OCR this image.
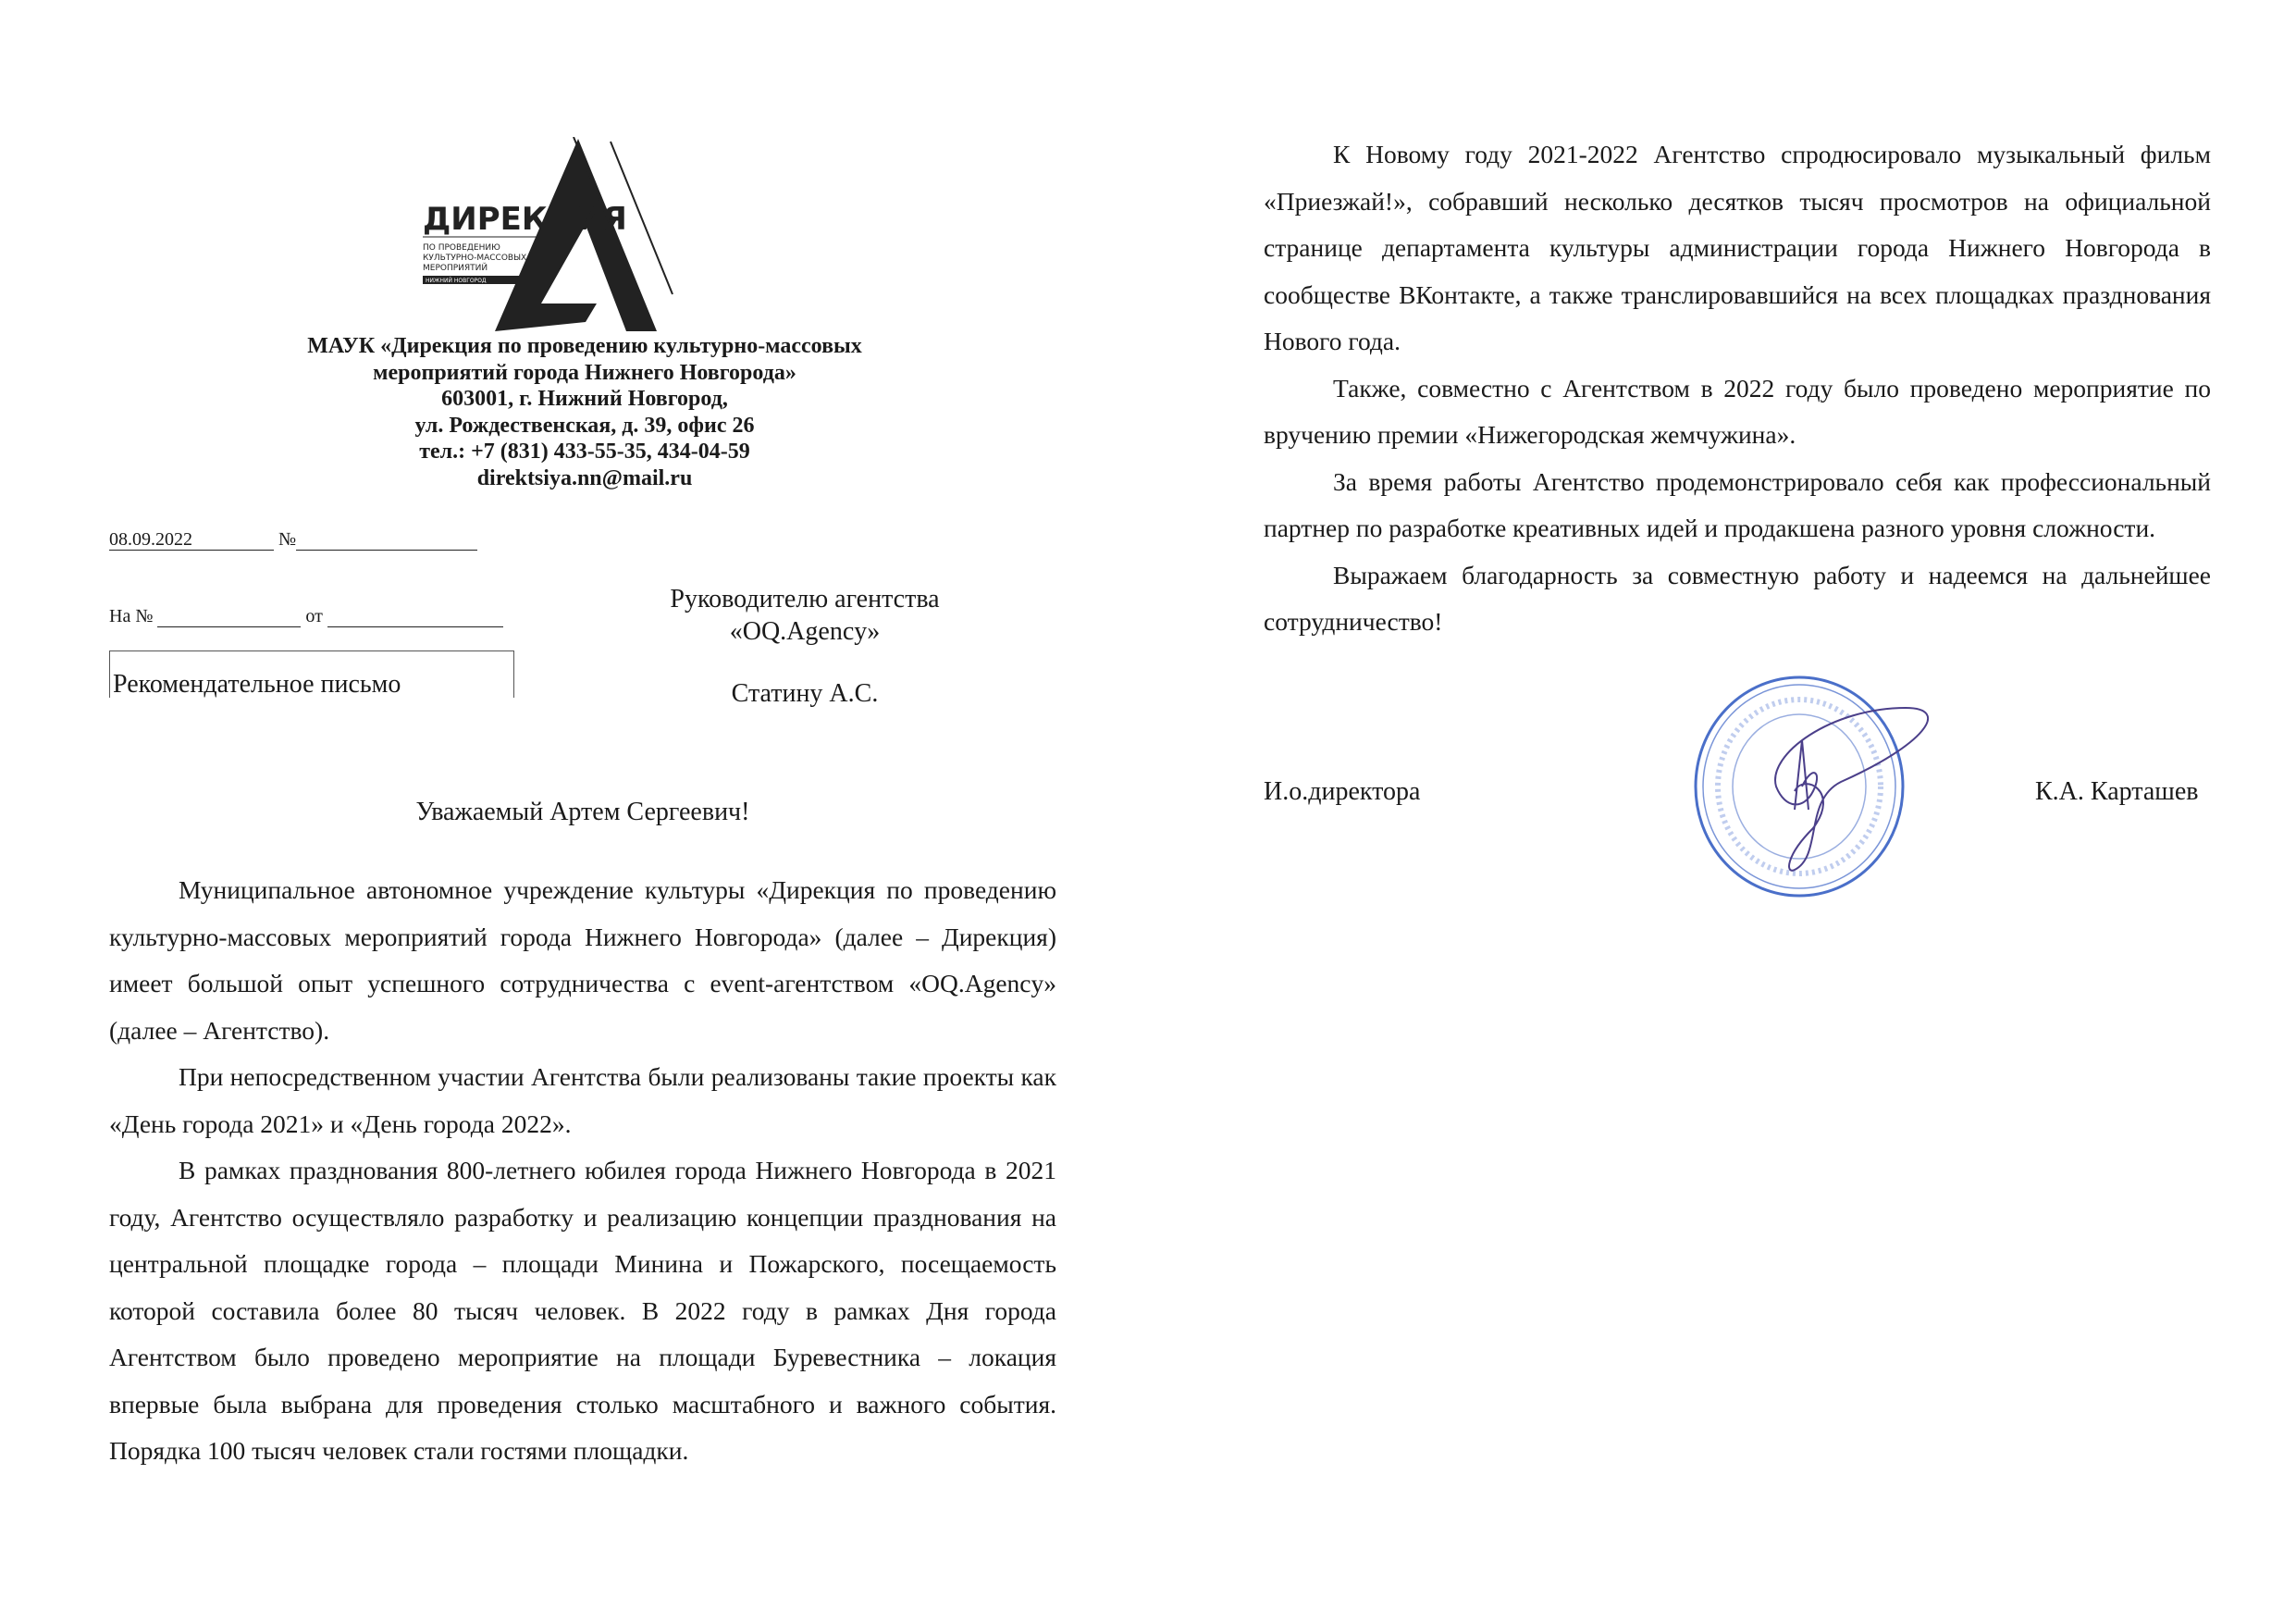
ДИРЕКЦИЯ
ПО ПРОВЕДЕНИЮ
КУЛЬТУРНО-МАССОВЫХ
МЕРОПРИЯТИЙ
НИЖНИЙ НОВГОРОД
МАУК «Дирекция по проведению культурно-массовых
мероприятий города Нижнего Новгорода»
603001, г. Нижний Новгород,
ул. Рождественская, д. 39, офис 26
тел.: +7 (831) 433-55-35, 434-04-59
direktsiya.nn@mail.ru
08.09.2022	№
На №	от
Рекомендательное письмо
Руководителю агентства
«OQ.Agency»
Статину А.С.
Уважаемый Артем Сергеевич!

Муниципальное автономное учреждение культуры «Дирекция по проведению культурно-массовых мероприятий города Нижнего Новгорода» (далее – Дирекция) имеет большой опыт успешного сотрудничества с event-агентством «OQ.Agency» (далее – Агентство).

При непосредственном участии Агентства были реализованы такие проекты как «День города 2021» и «День города 2022».

В рамках празднования 800-летнего юбилея города Нижнего Новгорода в 2021 году, Агентство осуществляло разработку и реализацию концепции празднования на центральной площадке города – площади Минина и Пожарского, посещаемость которой составила более 80 тысяч человек. В 2022 году в рамках Дня города Агентством было проведено мероприятие на площади Буревестника – локация впервые была выбрана для проведения столько масштабного и важного события. Порядка 100 тысяч человек стали гостями площадки.

К Новому году 2021-2022 Агентство спродюсировало музыкальный фильм «Приезжай!», собравший несколько десятков тысяч просмотров на официальной странице департамента культуры администрации города Нижнего Новгорода в сообществе ВКонтакте, а также транслировавшийся на всех площадках празднования Нового года.

Также, совместно с Агентством в 2022 году было проведено мероприятие по вручению премии «Нижегородская жемчужина».

За время работы Агентство продемонстрировало себя как профессиональный партнер по разработке креативных идей и продакшена разного уровня сложности.

Выражаем благодарность за совместную работу и надеемся на дальнейшее сотрудничество!

И.о.директора	К.А. Карташев
